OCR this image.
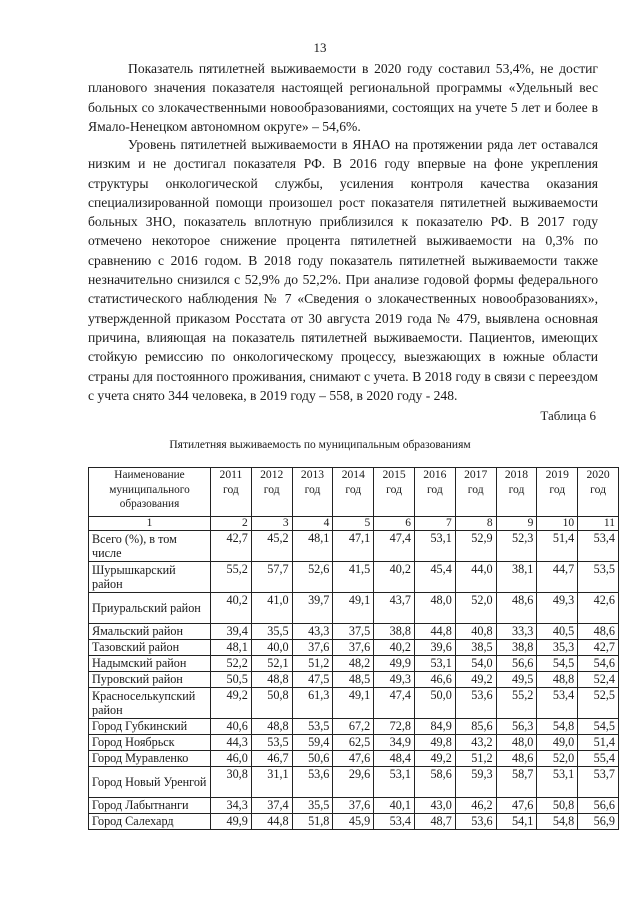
13

Показатель пятилетней выживаемости в 2020 году составил 53,4%, не достиг планового значения показателя настоящей региональной программы «Удельный вес больных со злокачественными новообразованиями, состоящих на учете 5 лет и более в Ямало-Ненецком автономном округе» – 54,6%.

Уровень пятилетней выживаемости в ЯНАО на протяжении ряда лет оставался низким и не достигал показателя РФ. В 2016 году впервые на фоне укрепления структуры онкологической службы, усиления контроля качества оказания специализированной помощи произошел рост показателя пятилетней выживаемости больных ЗНО, показатель вплотную приблизился к показателю РФ. В 2017 году отмечено некоторое снижение процента пятилетней выживаемости на 0,3% по сравнению с 2016 годом. В 2018 году показатель пятилетней выживаемости также незначительно снизился с 52,9% до 52,2%. При анализе годовой формы федерального статистического наблюдения № 7 «Сведения о злокачественных новообразованиях», утвержденной приказом Росстата от 30 августа 2019 года № 479, выявлена основная причина, влияющая на показатель пятилетней выживаемости. Пациентов, имеющих стойкую ремиссию по онкологическому процессу, выезжающих в южные области страны для постоянного проживания, снимают с учета. В 2018 году в связи с переездом с учета снято 344 человека, в 2019 году – 558, в 2020 году - 248.

Таблица 6
Пятилетняя выживаемость по муниципальным образованиям
Наименование муниципального образования	2011 год	2012 год	2013 год	2014 год	2015 год	2016 год	2017 год	2018 год	2019 год	2020 год
1	2	3	4	5	6	7	8	9	10	11
Всего (%), в том числе	42,7	45,2	48,1	47,1	47,4	53,1	52,9	52,3	51,4	53,4
Шурышкарский район	55,2	57,7	52,6	41,5	40,2	45,4	44,0	38,1	44,7	53,5
Приуральский район	40,2	41,0	39,7	49,1	43,7	48,0	52,0	48,6	49,3	42,6
Ямальский район	39,4	35,5	43,3	37,5	38,8	44,8	40,8	33,3	40,5	48,6
Тазовский район	48,1	40,0	37,6	37,6	40,2	39,6	38,5	38,8	35,3	42,7
Надымский район	52,2	52,1	51,2	48,2	49,9	53,1	54,0	56,6	54,5	54,6
Пуровский район	50,5	48,8	47,5	48,5	49,3	46,6	49,2	49,5	48,8	52,4
Красноселькупский район	49,2	50,8	61,3	49,1	47,4	50,0	53,6	55,2	53,4	52,5
Город Губкинский	40,6	48,8	53,5	67,2	72,8	84,9	85,6	56,3	54,8	54,5
Город Ноябрьск	44,3	53,5	59,4	62,5	34,9	49,8	43,2	48,0	49,0	51,4
Город Муравленко	46,0	46,7	50,6	47,6	48,4	49,2	51,2	48,6	52,0	55,4
Город Новый Уренгой	30,8	31,1	53,6	29,6	53,1	58,6	59,3	58,7	53,1	53,7
Город Лабытнанги	34,3	37,4	35,5	37,6	40,1	43,0	46,2	47,6	50,8	56,6
Город Салехард	49,9	44,8	51,8	45,9	53,4	48,7	53,6	54,1	54,8	56,9
